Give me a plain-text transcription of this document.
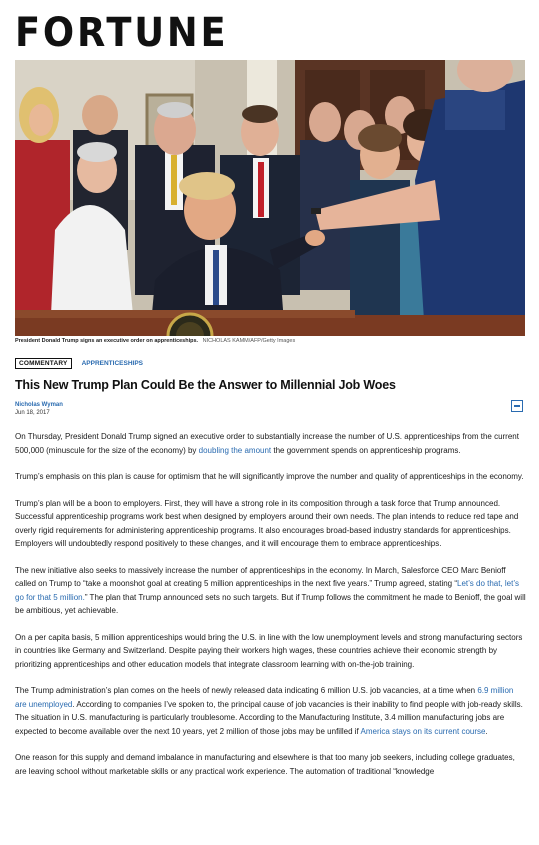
FORTUNE
President Donald Trump signs an executive order on apprenticeships. NICHOLAS KAMM/AFP/Getty Images
COMMENTARY	APPRENTICESHIPS
This New Trump Plan Could Be the Answer to Millennial Job Woes
Nicholas Wyman
Jun 18, 2017

On Thursday, President Donald Trump signed an executive order to substantially increase the number of U.S. apprenticeships from the current 500,000 (minuscule for the size of the economy) by doubling the amount the government spends on apprenticeship programs.

Trump’s emphasis on this plan is cause for optimism that he will significantly improve the number and quality of apprenticeships in the economy.

Trump’s plan will be a boon to employers. First, they will have a strong role in its composition through a task force that Trump announced. Successful apprenticeship programs work best when designed by employers around their own needs. The plan intends to reduce red tape and overly rigid requirements for administering apprenticeship programs. It also encourages broad-based industry standards for apprenticeships. Employers will undoubtedly respond positively to these changes, and it will encourage them to embrace apprenticeships.

The new initiative also seeks to massively increase the number of apprenticeships in the economy. In March, Salesforce CEO Marc Benioff called on Trump to “take a moonshot goal at creating 5 million apprenticeships in the next five years.” Trump agreed, stating “Let’s do that, let’s go for that 5 million.” The plan that Trump announced sets no such targets. But if Trump follows the commitment he made to Benioff, the goal will be ambitious, yet achievable.

On a per capita basis, 5 million apprenticeships would bring the U.S. in line with the low unemployment levels and strong manufacturing sectors in countries like Germany and Switzerland. Despite paying their workers high wages, these countries achieve their economic strength by prioritizing apprenticeships and other education models that integrate classroom learning with on-the-job training.

The Trump administration’s plan comes on the heels of newly released data indicating 6 million U.S. job vacancies, at a time when 6.9 million are unemployed. According to companies I’ve spoken to, the principal cause of job vacancies is their inability to find people with job-ready skills. The situation in U.S. manufacturing is particularly troublesome. According to the Manufacturing Institute, 3.4 million manufacturing jobs are expected to become available over the next 10 years, yet 2 million of those jobs may be unfilled if America stays on its current course.

One reason for this supply and demand imbalance in manufacturing and elsewhere is that too many job seekers, including college graduates, are leaving school without marketable skills or any practical work experience. The automation of traditional “knowledge
